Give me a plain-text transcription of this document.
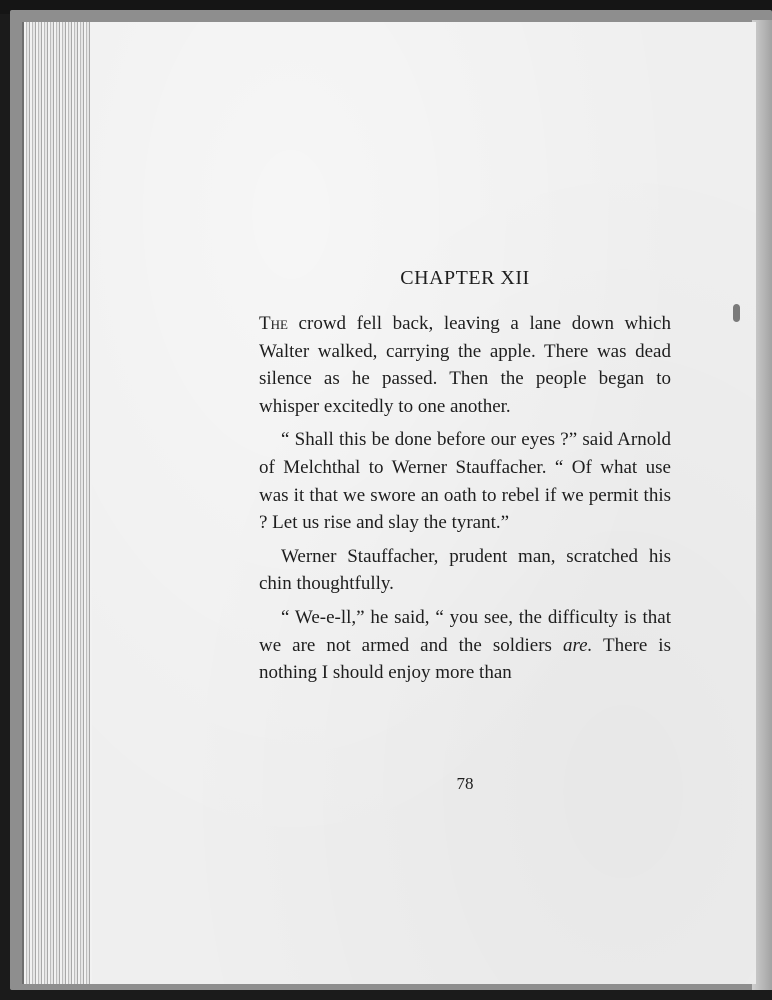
CHAPTER XII

The crowd fell back, leaving a lane down which Walter walked, carrying the apple. There was dead silence as he passed. Then the people began to whisper excitedly to one another.

“ Shall this be done before our eyes ?” said Arnold of Melchthal to Werner Stauffacher. “ Of what use was it that we swore an oath to rebel if we permit this ? Let us rise and slay the tyrant.”

Werner Stauffacher, prudent man, scratched his chin thoughtfully.

“ We-e-ll,” he said, “ you see, the difficulty is that we are not armed and the soldiers are. There is nothing I should enjoy more than

78
